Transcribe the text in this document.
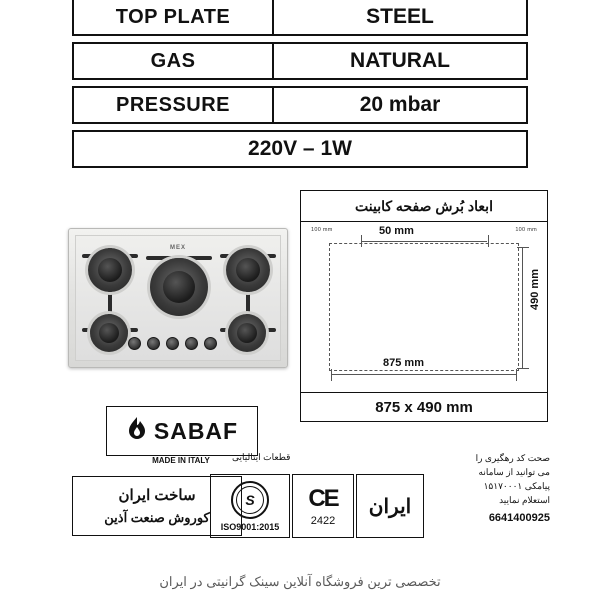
TOP PLATE	STEEL
GAS	NATURAL
PRESSURE	20 mbar
220V – 1W
MEX
ابعاد بُرش صفحه کابینت
100 mm	100 mm
50 mm
875 mm
490 mm
875 x 490 mm
SABAF
MADE IN ITALY	قطعات ایتالیایی
ساخت ایران
کوروش صنعت آذین
S
ISO9001:2015
CE
2422
ایران
صحت کد رهگیری را
می توانید از سامانه
پیامکی ۱۵۱۷۰۰۰۱
استعلام نمایید
6641400925
تخصصی ترین فروشگاه آنلاین سینک گرانیتی در ایران
